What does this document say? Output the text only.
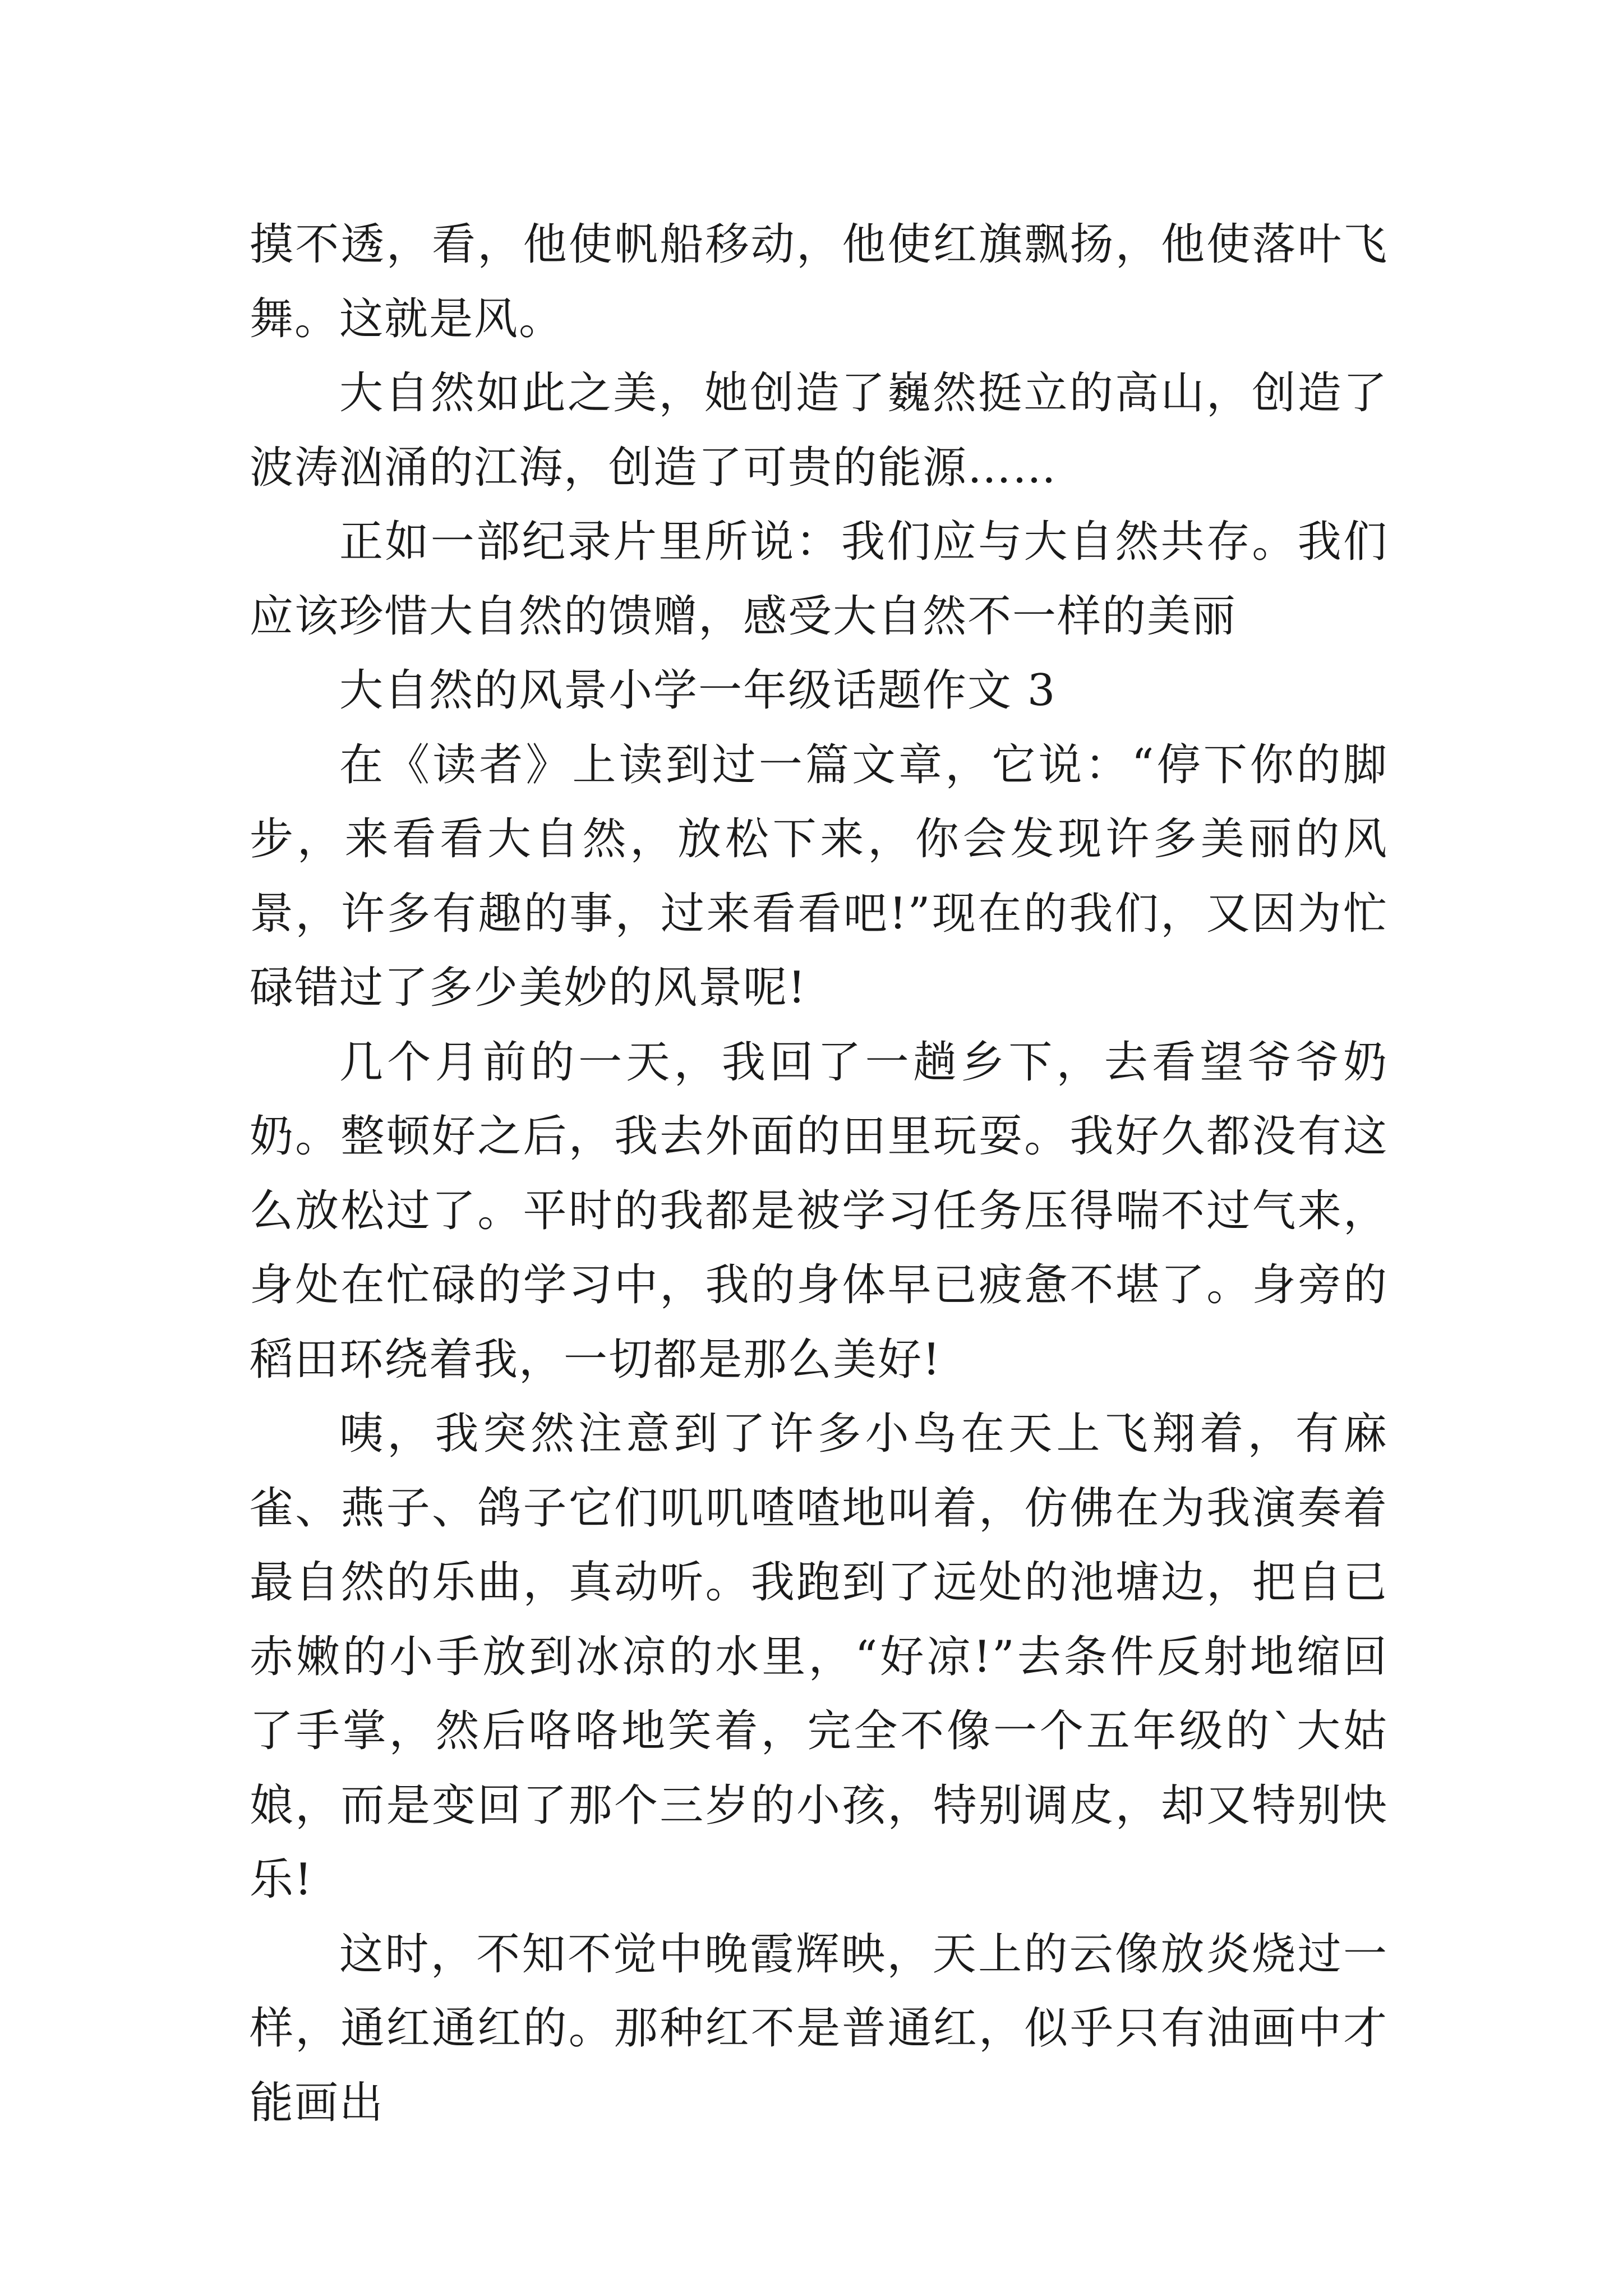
摸不透，看，他使帆船移动，他使红旗飘扬，他使落叶飞舞。这就是风。

大自然如此之美，她创造了巍然挺立的高山，创造了波涛汹涌的江海，创造了可贵的能源……

正如一部纪录片里所说：我们应与大自然共存。我们应该珍惜大自然的馈赠，感受大自然不一样的美丽

大自然的风景小学一年级话题作文 3

在《读者》上读到过一篇文章，它说：“停下你的脚步，来看看大自然，放松下来，你会发现许多美丽的风景，许多有趣的事，过来看看吧!”现在的我们，又因为忙碌错过了多少美妙的风景呢!

几个月前的一天，我回了一趟乡下，去看望爷爷奶奶。整顿好之后，我去外面的田里玩耍。我好久都没有这么放松过了。平时的我都是被学习任务压得喘不过气来，身处在忙碌的学习中，我的身体早已疲惫不堪了。身旁的稻田环绕着我，一切都是那么美好!

咦，我突然注意到了许多小鸟在天上飞翔着，有麻雀、燕子、鸽子它们叽叽喳喳地叫着，仿佛在为我演奏着最自然的乐曲，真动听。我跑到了远处的池塘边，把自已赤嫩的小手放到冰凉的水里，“好凉!”去条件反射地缩回了手掌，然后咯咯地笑着，完全不像一个五年级的`大姑娘，而是变回了那个三岁的小孩，特别调皮，却又特别快乐!

这时，不知不觉中晚霞辉映，天上的云像放炎烧过一样，通红通红的。那种红不是普通红，似乎只有油画中才能画出
